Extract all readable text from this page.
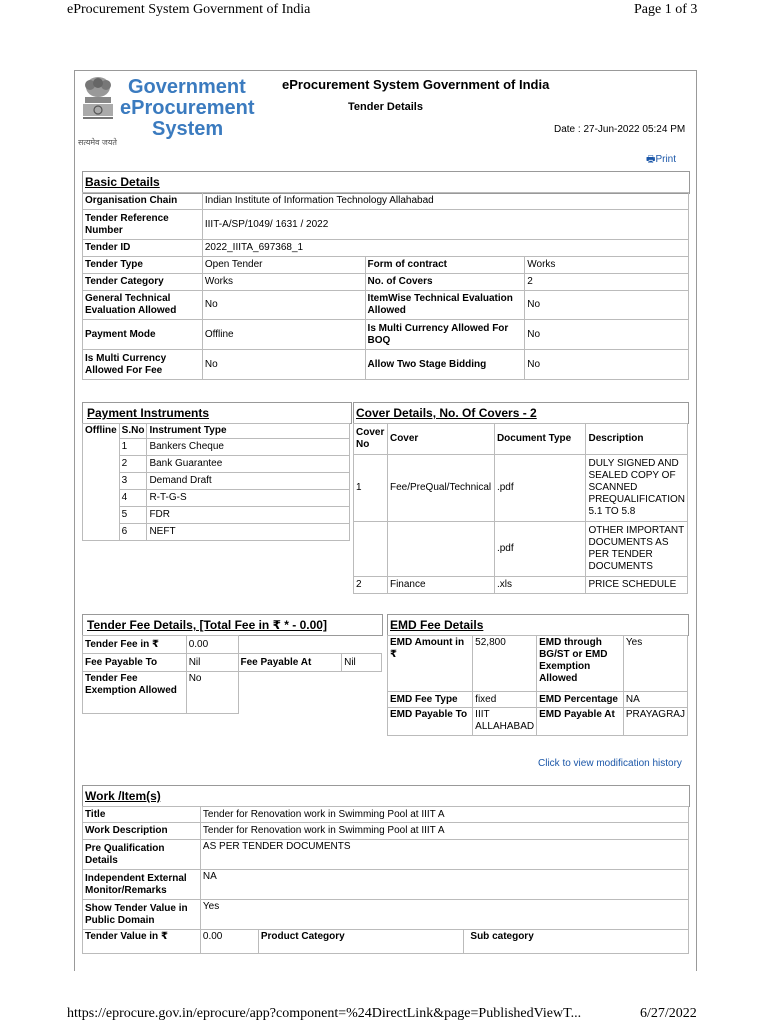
eProcurement System Government of India	Page 1 of 3
सत्यमेव जयते
Government
eProcurement
System
eProcurement System Government of India
Tender Details
Date : 27-Jun-2022 05:24 PM
🖶Print
Basic Details
Organisation Chain	Indian Institute of Information Technology Allahabad		
Tender Reference Number	IIIT-A/SP/1049/ 1631 / 2022		
Tender ID	2022_IIITA_697368_1		
Tender Type	Open Tender	Form of contract	Works
Tender Category	Works	No. of Covers	2
General Technical Evaluation Allowed	No	ItemWise Technical Evaluation Allowed	No
Payment Mode	Offline	Is Multi Currency Allowed For BOQ	No
Is Multi Currency Allowed For Fee	No	Allow Two Stage Bidding	No
Payment Instruments
Offline	S.No	Instrument Type
	1	Bankers Cheque
	2	Bank Guarantee
	3	Demand Draft
	4	R-T-G-S
	5	FDR
	6	NEFT
Cover Details, No. Of Covers - 2
Cover No	Cover	Document Type	Description
1	Fee/PreQual/Technical	.pdf	DULY SIGNED AND SEALED COPY OF SCANNED PREQUALIFICATION 5.1 TO 5.8
		.pdf	OTHER IMPORTANT DOCUMENTS AS PER TENDER DOCUMENTS
2	Finance	.xls	PRICE SCHEDULE
Tender Fee Details, [Total Fee in ₹ * - 0.00]
Tender Fee in ₹	0.00		
Fee Payable To	Nil	Fee Payable At	Nil
Tender Fee Exemption Allowed	No		
EMD Fee Details
EMD Amount in ₹	52,800	EMD through BG/ST or EMD Exemption Allowed	Yes
EMD Fee Type	fixed	EMD Percentage	NA
EMD Payable To	IIIT ALLAHABAD	EMD Payable At	PRAYAGRAJ
Click to view modification history
Work /Item(s)
Title	Tender for Renovation work in Swimming Pool at IIIT A		
Work Description	Tender for Renovation work in Swimming Pool at IIIT A		
Pre Qualification Details	AS PER TENDER DOCUMENTS		
Independent External Monitor/Remarks	NA		
Show Tender Value in Public Domain	Yes		
Tender Value in ₹	0.00	Product Category	Sub category
https://eprocure.gov.in/eprocure/app?component=%24DirectLink&page=PublishedViewT...	6/27/2022
